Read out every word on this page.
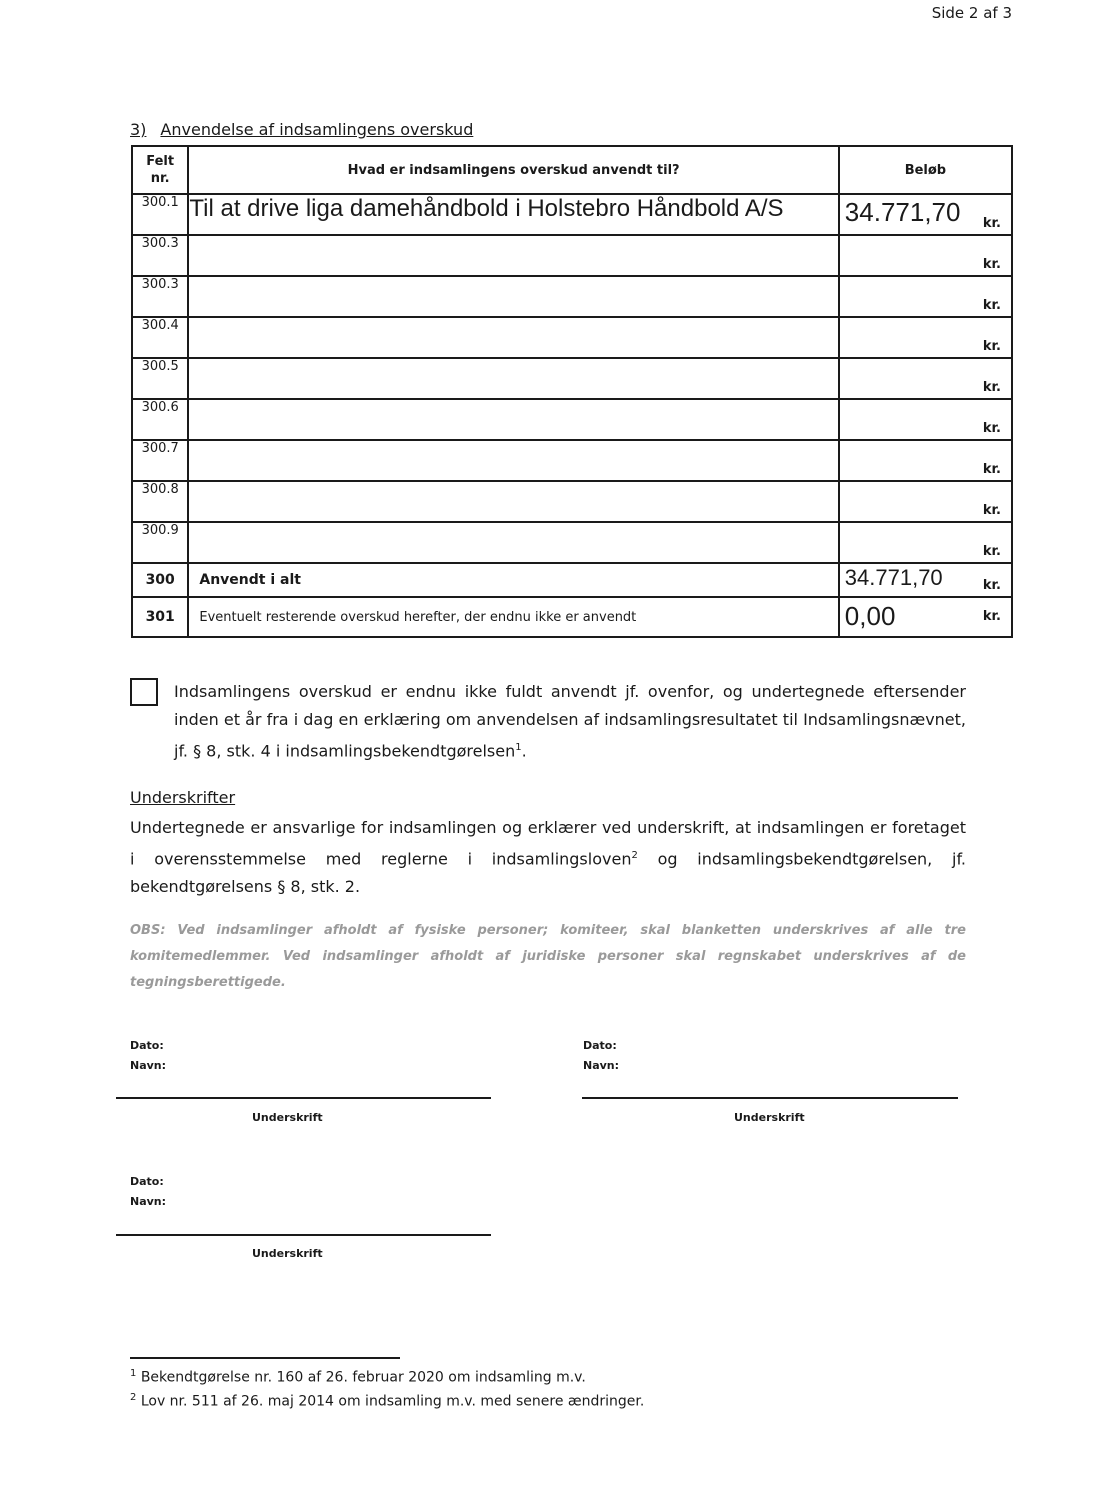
Side 2 af 3
3) Anvendelse af indsamlingens overskud
Felt
nr.	Hvad er indsamlingens overskud anvendt til?	Beløb
300.1	Til at drive liga damehåndbold i Holstebro Håndbold A/S	34.771,70 kr.

300.3		kr.

300.3		kr.

300.4		kr.

300.5		kr.

300.6		kr.

300.7		kr.

300.8		kr.

300.9		kr.

300	Anvendt i alt	34.771,70 kr.

301	Eventuelt resterende overskud herefter, der endnu ikke er anvendt	0,00 kr.
Indsamlingens overskud er endnu ikke fuldt anvendt jf. ovenfor, og undertegnede eftersender inden et år fra i dag en erklæring om anvendelsen af indsamlingsresultatet til Indsamlingsnævnet, jf. § 8, stk. 4 i indsamlingsbekendtgørelsen$^1$.
Underskrifter
Undertegnede er ansvarlige for indsamlingen og erklærer ved underskrift, at indsamlingen er foretaget i overensstemmelse med reglerne i indsamlingsloven$^2$ og indsamlingsbekendtgørelsen, jf. bekendtgørelsens § 8, stk. 2.
OBS: Ved indsamlinger afholdt af fysiske personer; komiteer, skal blanketten underskrives af alle tre komitemedlemmer. Ved indsamlinger afholdt af juridiske personer skal regnskabet underskrives af de tegningsberettigede.
Dato:
Navn:
Underskrift
Dato:
Navn:
Underskrift
Dato:
Navn:
Underskrift
$^1$ Bekendtgørelse nr. 160 af 26. februar 2020 om indsamling m.v.
$^2$ Lov nr. 511 af 26. maj 2014 om indsamling m.v. med senere ændringer.
